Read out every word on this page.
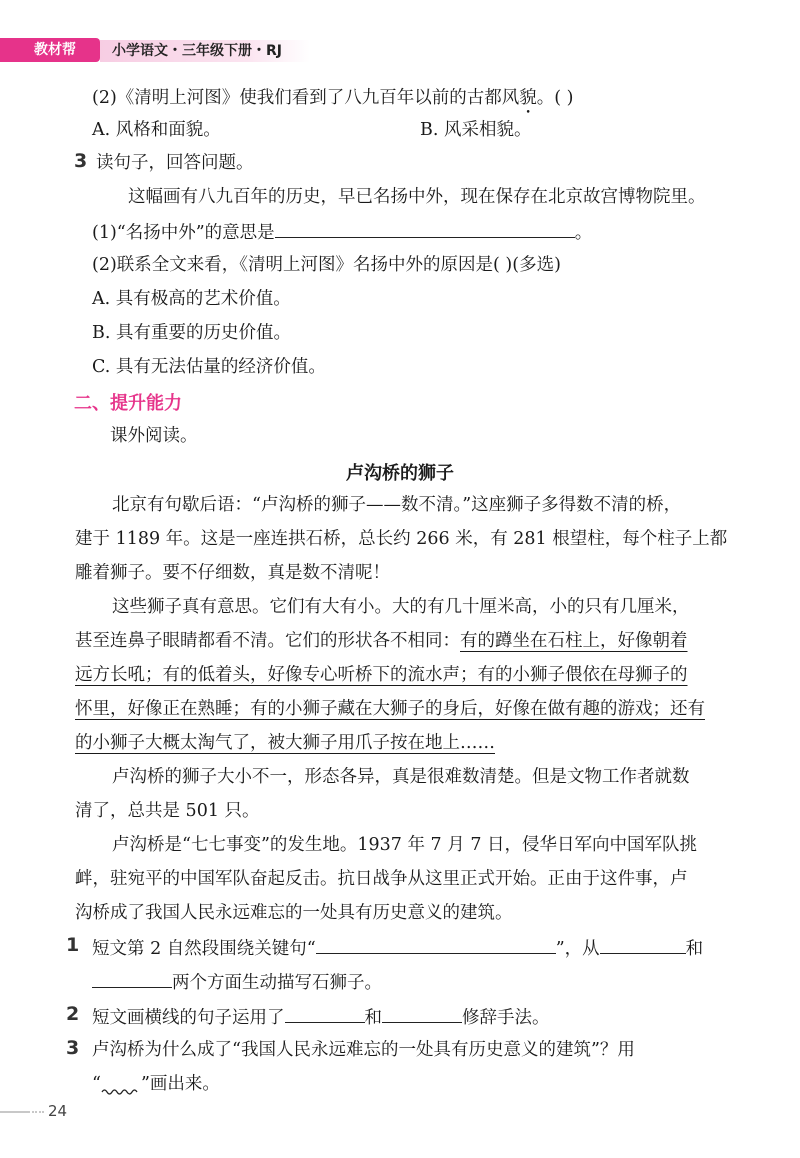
教材帮	小学语文・三年级下册・RJ
(2)《清明上河图》使我们看到了八九百年以前的古都风貌。( )
A. 风格和面貌。	B. 风采相貌。
3 读句子，回答问题。
这幅画有八九百年的历史，早已名扬中外，现在保存在北京故宫博物院里。
(1)“名扬中外”的意思是	。
(2)联系全文来看，《清明上河图》名扬中外的原因是( )(多选)
A. 具有极高的艺术价值。
B. 具有重要的历史价值。
C. 具有无法估量的经济价值。
二、提升能力
课外阅读。
卢沟桥的狮子
北京有句歇后语：“卢沟桥的狮子——数不清。”这座狮子多得数不清的桥，
建于 1189 年。这是一座连拱石桥，总长约 266 米，有 281 根望柱，每个柱子上都
雕着狮子。要不仔细数，真是数不清呢！
这些狮子真有意思。它们有大有小。大的有几十厘米高，小的只有几厘米，
甚至连鼻子眼睛都看不清。它们的形状各不相同：有的蹲坐在石柱上，好像朝着
远方长吼；有的低着头，好像专心听桥下的流水声；有的小狮子偎依在母狮子的
怀里，好像正在熟睡；有的小狮子藏在大狮子的身后，好像在做有趣的游戏；还有
的小狮子大概太淘气了，被大狮子用爪子按在地上……
卢沟桥的狮子大小不一，形态各异，真是很难数清楚。但是文物工作者就数
清了，总共是 501 只。
卢沟桥是“七七事变”的发生地。1937 年 7 月 7 日，侵华日军向中国军队挑
衅，驻宛平的中国军队奋起反击。抗日战争从这里正式开始。正由于这件事，卢
沟桥成了我国人民永远难忘的一处具有历史意义的建筑。
1 短文第 2 自然段围绕关键句“	”，从	和
两个方面生动描写石狮子。
2 短文画横线的句子运用了	和	修辞手法。
3 卢沟桥为什么成了“我国人民永远难忘的一处具有历史意义的建筑”？用
“ ”画出来。
24
